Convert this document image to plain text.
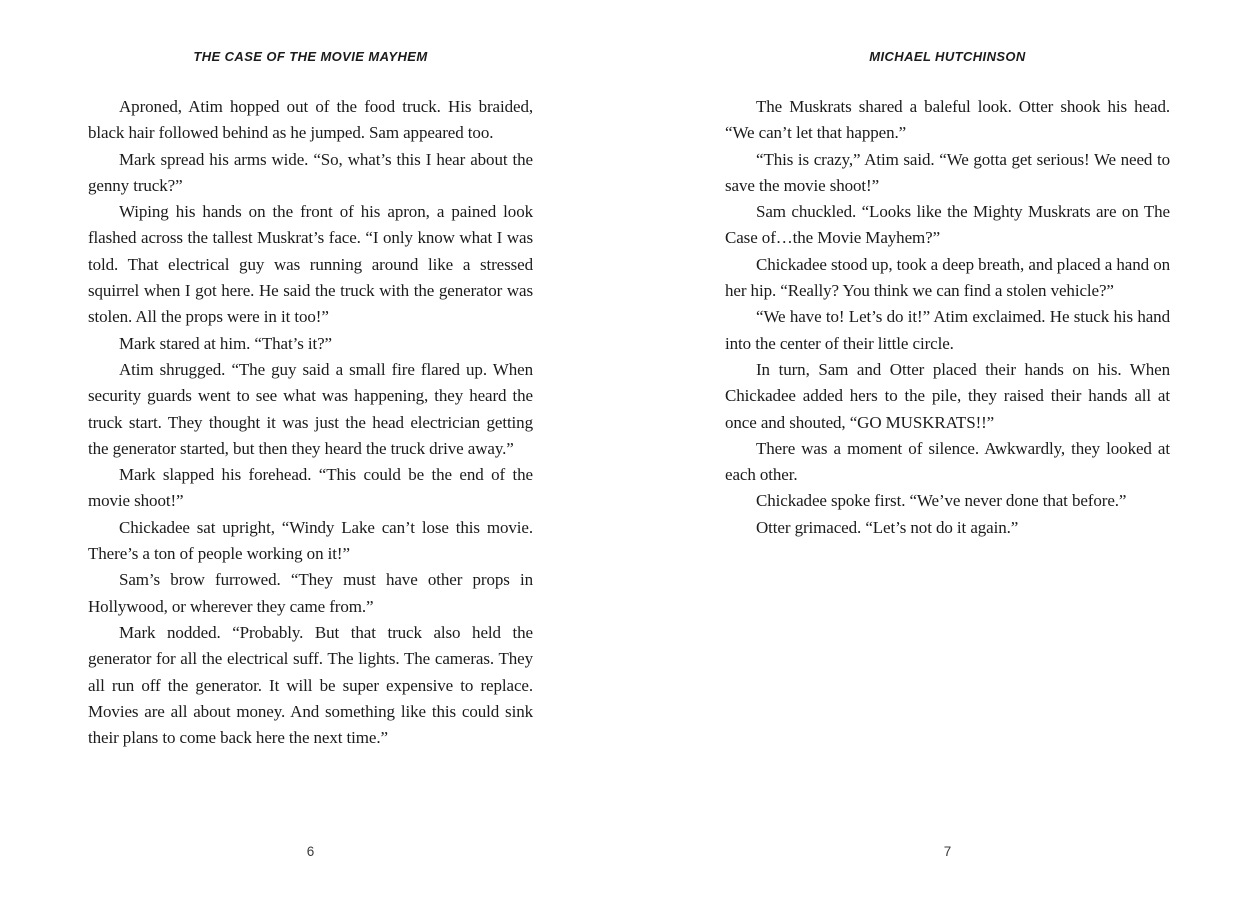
THE CASE OF THE MOVIE MAYHEM

Aproned, Atim hopped out of the food truck. His braided, black hair followed behind as he jumped. Sam appeared too.

Mark spread his arms wide. “So, what’s this I hear about the genny truck?”

Wiping his hands on the front of his apron, a pained look flashed across the tallest Muskrat’s face. “I only know what I was told. That electrical guy was running around like a stressed squirrel when I got here. He said the truck with the generator was stolen. All the props were in it too!”

Mark stared at him. “That’s it?”

Atim shrugged. “The guy said a small fire flared up. When security guards went to see what was happening, they heard the truck start. They thought it was just the head electrician getting the generator started, but then they heard the truck drive away.”

Mark slapped his forehead. “This could be the end of the movie shoot!”

Chickadee sat upright, “Windy Lake can’t lose this movie. There’s a ton of people working on it!”

Sam’s brow furrowed. “They must have other props in Hollywood, or wherever they came from.”

Mark nodded. “Probably. But that truck also held the generator for all the electrical suff. The lights. The cameras. They all run off the generator. It will be super expensive to replace. Movies are all about money. And something like this could sink their plans to come back here the next time.”

6
MICHAEL HUTCHINSON

The Muskrats shared a baleful look. Otter shook his head. “We can’t let that happen.”

“This is crazy,” Atim said. “We gotta get serious! We need to save the movie shoot!”

Sam chuckled. “Looks like the Mighty Muskrats are on The Case of…the Movie Mayhem?”

Chickadee stood up, took a deep breath, and placed a hand on her hip. “Really? You think we can find a stolen vehicle?”

“We have to! Let’s do it!” Atim exclaimed. He stuck his hand into the center of their little circle.

In turn, Sam and Otter placed their hands on his. When Chickadee added hers to the pile, they raised their hands all at once and shouted, “GO MUSKRATS!!”

There was a moment of silence. Awkwardly, they looked at each other.

Chickadee spoke first. “We’ve never done that before.”

Otter grimaced. “Let’s not do it again.”

7
